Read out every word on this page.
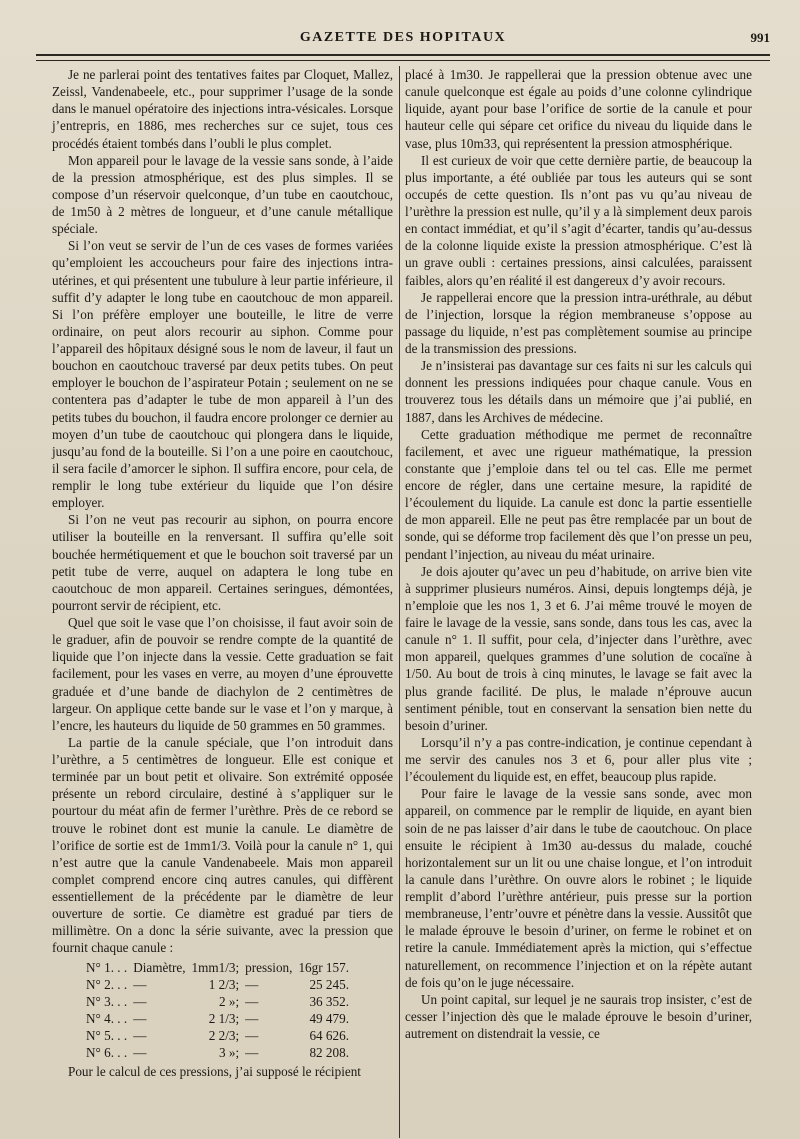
GAZETTE DES HOPITAUX	991

Je ne parlerai point des tentatives faites par Cloquet, Mallez, Zeissl, Vandenabeele, etc., pour supprimer l’usage de la sonde dans le manuel opératoire des injections intra-vésicales. Lorsque j’entrepris, en 1886, mes recherches sur ce sujet, tous ces procédés étaient tombés dans l’oubli le plus complet.

Mon appareil pour le lavage de la vessie sans sonde, à l’aide de la pression atmosphérique, est des plus simples. Il se compose d’un réservoir quelconque, d’un tube en caoutchouc, de 1m50 à 2 mètres de longueur, et d’une canule métallique spéciale.

Si l’on veut se servir de l’un de ces vases de formes variées qu’emploient les accoucheurs pour faire des injections intra-utérines, et qui présentent une tubulure à leur partie inférieure, il suffit d’y adapter le long tube en caoutchouc de mon appareil. Si l’on préfère employer une bouteille, le litre de verre ordinaire, on peut alors recourir au siphon. Comme pour l’appareil des hôpitaux désigné sous le nom de laveur, il faut un bouchon en caoutchouc traversé par deux petits tubes. On peut employer le bouchon de l’aspirateur Potain ; seulement on ne se contentera pas d’adapter le tube de mon appareil à l’un des petits tubes du bouchon, il faudra encore prolonger ce dernier au moyen d’un tube de caoutchouc qui plongera dans le liquide, jusqu’au fond de la bouteille. Si l’on a une poire en caoutchouc, il sera facile d’amorcer le siphon. Il suffira encore, pour cela, de remplir le long tube extérieur du liquide que l’on désire employer.

Si l’on ne veut pas recourir au siphon, on pourra encore utiliser la bouteille en la renversant. Il suffira qu’elle soit bouchée hermétiquement et que le bouchon soit traversé par un petit tube de verre, auquel on adaptera le long tube en caoutchouc de mon appareil. Certaines seringues, démontées, pourront servir de récipient, etc.

Quel que soit le vase que l’on choisisse, il faut avoir soin de le graduer, afin de pouvoir se rendre compte de la quantité de liquide que l’on injecte dans la vessie. Cette graduation se fait facilement, pour les vases en verre, au moyen d’une éprouvette graduée et d’une bande de diachylon de 2 centimètres de largeur. On applique cette bande sur le vase et l’on y marque, à l’encre, les hauteurs du liquide de 50 grammes en 50 grammes.

La partie de la canule spéciale, que l’on introduit dans l’urèthre, a 5 centimètres de longueur. Elle est conique et terminée par un bout petit et olivaire. Son extrémité opposée présente un rebord circulaire, destiné à s’appliquer sur le pourtour du méat afin de fermer l’urèthre. Près de ce rebord se trouve le robinet dont est munie la canule. Le diamètre de l’orifice de sortie est de 1mm1/3. Voilà pour la canule n° 1, qui n’est autre que la canule Vandenabeele. Mais mon appareil complet comprend encore cinq autres canules, qui diffèrent essentiellement de la précédente par le diamètre de leur ouverture de sortie. Ce diamètre est gradué par tiers de millimètre. On a donc la série suivante, avec la pression que fournit chaque canule :

N° 1. . .	Diamètre,	1mm1/3;	pression,	16gr 157.
N° 2. . .	—	1 2/3;	—	25 245.
N° 3. . .	—	2 »;	—	36 352.
N° 4. . .	—	2 1/3;	—	49 479.
N° 5. . .	—	2 2/3;	—	64 626.
N° 6. . .	—	3 »;	—	82 208.

Pour le calcul de ces pressions, j’ai supposé le récipient

placé à 1m30. Je rappellerai que la pression obtenue avec une canule quelconque est égale au poids d’une colonne cylindrique liquide, ayant pour base l’orifice de sortie de la canule et pour hauteur celle qui sépare cet orifice du niveau du liquide dans le vase, plus 10m33, qui représentent la pression atmosphérique.

Il est curieux de voir que cette dernière partie, de beaucoup la plus importante, a été oubliée par tous les auteurs qui se sont occupés de cette question. Ils n’ont pas vu qu’au niveau de l’urèthre la pression est nulle, qu’il y a là simplement deux parois en contact immédiat, et qu’il s’agit d’écarter, tandis qu’au-dessus de la colonne liquide existe la pression atmosphérique. C’est là un grave oubli : certaines pressions, ainsi calculées, paraissent faibles, alors qu’en réalité il est dangereux d’y avoir recours.

Je rappellerai encore que la pression intra-uréthrale, au début de l’injection, lorsque la région membraneuse s’oppose au passage du liquide, n’est pas complètement soumise au principe de la transmission des pressions.

Je n’insisterai pas davantage sur ces faits ni sur les calculs qui donnent les pressions indiquées pour chaque canule. Vous en trouverez tous les détails dans un mémoire que j’ai publié, en 1887, dans les Archives de médecine.

Cette graduation méthodique me permet de reconnaître facilement, et avec une rigueur mathématique, la pression constante que j’emploie dans tel ou tel cas. Elle me permet encore de régler, dans une certaine mesure, la rapidité de l’écoulement du liquide. La canule est donc la partie essentielle de mon appareil. Elle ne peut pas être remplacée par un bout de sonde, qui se déforme trop facilement dès que l’on presse un peu, pendant l’injection, au niveau du méat urinaire.

Je dois ajouter qu’avec un peu d’habitude, on arrive bien vite à supprimer plusieurs numéros. Ainsi, depuis longtemps déjà, je n’emploie que les nos 1, 3 et 6. J’ai même trouvé le moyen de faire le lavage de la vessie, sans sonde, dans tous les cas, avec la canule n° 1. Il suffit, pour cela, d’injecter dans l’urèthre, avec mon appareil, quelques grammes d’une solution de cocaïne à 1/50. Au bout de trois à cinq minutes, le lavage se fait avec la plus grande facilité. De plus, le malade n’éprouve aucun sentiment pénible, tout en conservant la sensation bien nette du besoin d’uriner.

Lorsqu’il n’y a pas contre-indication, je continue cependant à me servir des canules nos 3 et 6, pour aller plus vite ; l’écoulement du liquide est, en effet, beaucoup plus rapide.

Pour faire le lavage de la vessie sans sonde, avec mon appareil, on commence par le remplir de liquide, en ayant bien soin de ne pas laisser d’air dans le tube de caoutchouc. On place ensuite le récipient à 1m30 au-dessus du malade, couché horizontalement sur un lit ou une chaise longue, et l’on introduit la canule dans l’urèthre. On ouvre alors le robinet ; le liquide remplit d’abord l’urèthre antérieur, puis presse sur la portion membraneuse, l’entr’ouvre et pénètre dans la vessie. Aussitôt que le malade éprouve le besoin d’uriner, on ferme le robinet et on retire la canule. Immédiatement après la miction, qui s’effectue naturellement, on recommence l’injection et on la répète autant de fois qu’on le juge nécessaire.

Un point capital, sur lequel je ne saurais trop insister, c’est de cesser l’injection dès que le malade éprouve le besoin d’uriner, autrement on distendrait la vessie, ce
